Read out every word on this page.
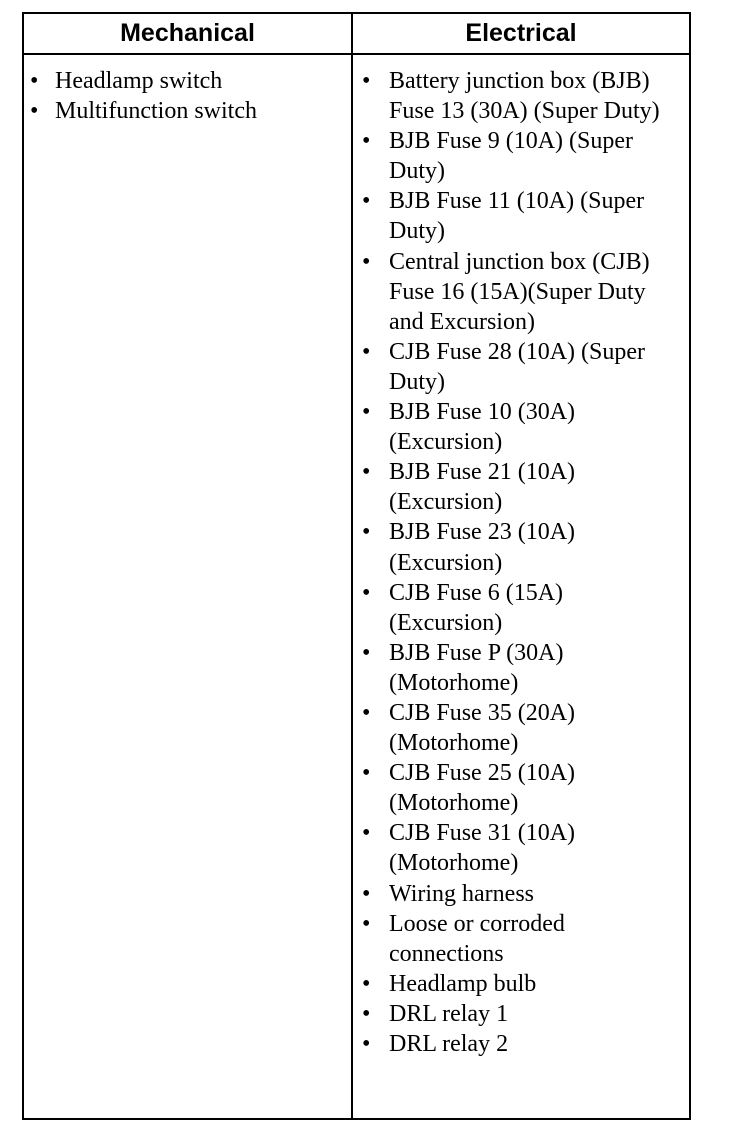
Mechanical	Electrical
• Headlamp switch
• Multifunction switch
• Battery junction box (BJB) Fuse 13 (30A) (Super Duty)
• BJB Fuse 9 (10A) (Super Duty)
• BJB Fuse 11 (10A) (Super Duty)
• Central junction box (CJB) Fuse 16 (15A)(Super Duty and Excursion)
• CJB Fuse 28 (10A) (Super Duty)
• BJB Fuse 10 (30A) (Excursion)
• BJB Fuse 21 (10A) (Excursion)
• BJB Fuse 23 (10A) (Excursion)
• CJB Fuse 6 (15A) (Excursion)
• BJB Fuse P (30A) (Motorhome)
• CJB Fuse 35 (20A) (Motorhome)
• CJB Fuse 25 (10A) (Motorhome)
• CJB Fuse 31 (10A) (Motorhome)
• Wiring harness
• Loose or corroded connections
• Headlamp bulb
• DRL relay 1
• DRL relay 2
